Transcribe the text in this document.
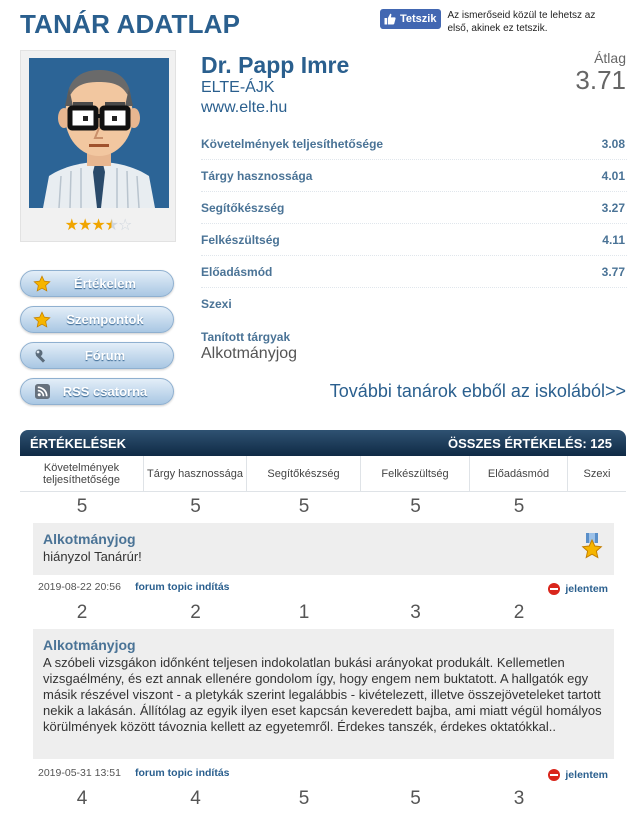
TANÁR ADATLAP	Tetszik Az ismerőseid közül te lehetsz az első, akinek ez tetszik.
★★★★☆
Értékelem
Szempontok
Fórum
RSS csatorna
Dr. Papp Imre
ELTE-ÁJK
www.elte.hu
Átlag
3.71
Követelmények teljesíthetősége	3.08
Tárgy hasznossága	4.01
Segítőkészség	3.27
Felkészültség	4.11
Előadásmód	3.77
Szexi
Tanított tárgyak
Alkotmányjog
További tanárok ebből az iskolából>>
ÉRTÉKELÉSEK	ÖSSZES ÉRTÉKELÉS: 125
Követelmények teljesíthetősége	Tárgy hasznossága	Segítőkészség	Felkészültség	Előadásmód	Szexi
5	5	5	5	5
Alkotmányjog
hiányzol Tanárúr!
2019-08-22 20:56 forum topic indítás	jelentem
2	2	1	3	2
Alkotmányjog
A szóbeli vizsgákon időnként teljesen indokolatlan bukási arányokat produkált. Kellemetlen vizsgaélmény, és ezt annak ellenére gondolom így, hogy engem nem buktatott. A hallgatók egy másik részével viszont - a pletykák szerint legalábbis - kivételezett, illetve összejöveteleket tartott nekik a lakásán. Állítólag az egyik ilyen eset kapcsán keveredett bajba, ami miatt végül homályos körülmények között távoznia kellett az egyetemről. Érdekes tanszék, érdekes oktatókkal..
2019-05-31 13:51 forum topic indítás	jelentem
4	4	5	5	3
